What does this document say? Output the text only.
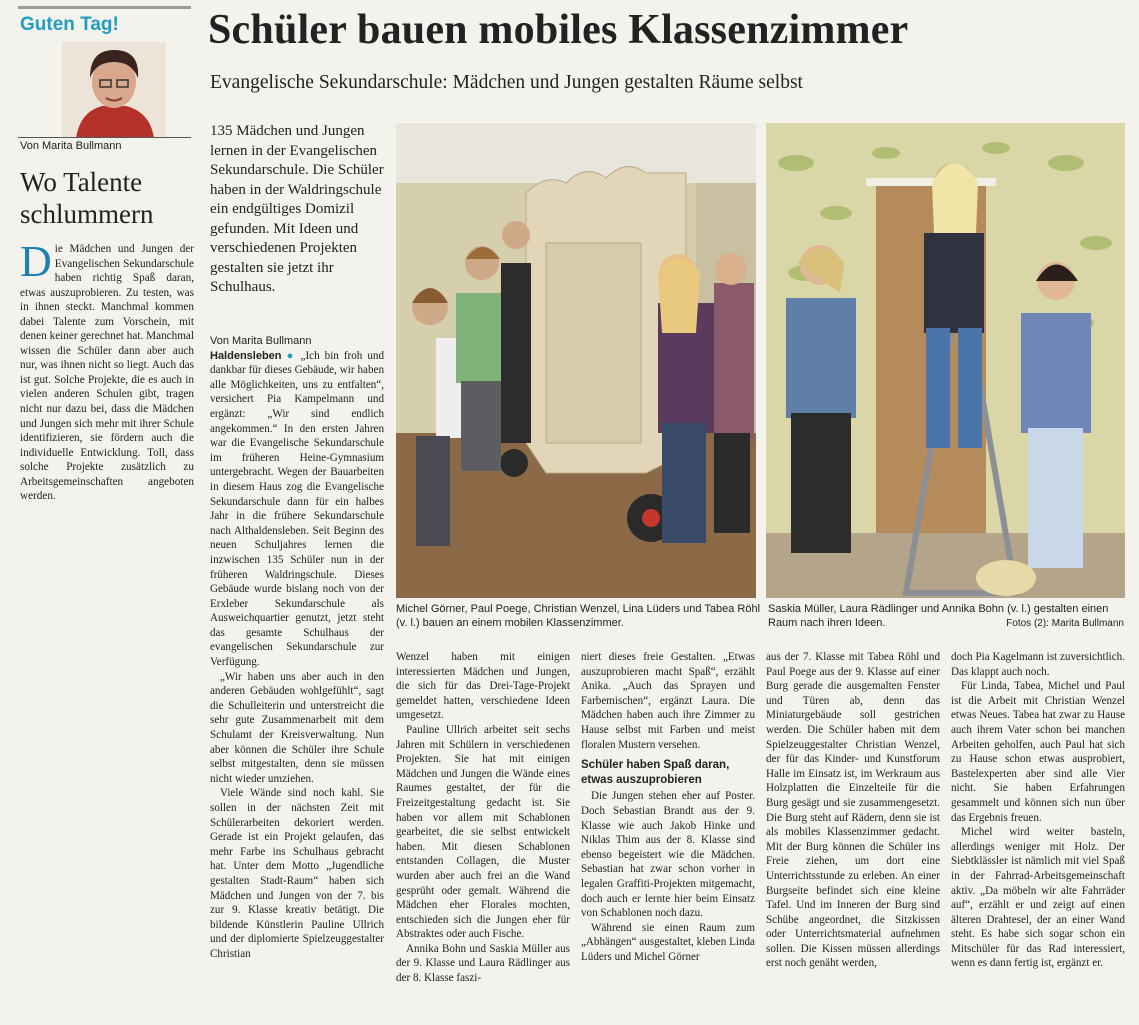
Guten Tag!
Von Marita Bullmann
Wo Talente schlummern
Die Mädchen und Jungen der Evangelischen Sekundarschule haben richtig Spaß daran, etwas auszuprobieren. Zu testen, was in ihnen steckt. Manchmal kommen dabei Talente zum Vorschein, mit denen keiner gerechnet hat. Manchmal wissen die Schüler dann aber auch nur, was ihnen nicht so liegt. Auch das ist gut. Solche Projekte, die es auch in vielen anderen Schulen gibt, tragen nicht nur dazu bei, dass die Mädchen und Jungen sich mehr mit ihrer Schule identifizieren, sie fördern auch die individuelle Entwicklung. Toll, dass solche Projekte zusätzlich zu Arbeitsgemeinschaften angeboten werden.
Schüler bauen mobiles Klassenzimmer
Evangelische Sekundarschule: Mädchen und Jungen gestalten Räume selbst
135 Mädchen und Jungen lernen in der Evangelischen Sekundarschule. Die Schüler haben in der Waldringschule ein endgültiges Domizil gefunden. Mit Ideen und verschiedenen Projekten gestalten sie jetzt ihr Schulhaus.
Michel Görner, Paul Poege, Christian Wenzel, Lina Lüders und Tabea Röhl (v. l.) bauen an einem mobilen Klassenzimmer.
Saskia Müller, Laura Rädlinger und Annika Bohn (v. l.) gestalten einen Raum nach ihren Ideen.	Fotos (2): Marita Bullmann

Von Marita Bullmann

Haldensleben ● „Ich bin froh und dankbar für dieses Gebäude, wir haben alle Möglichkeiten, uns zu entfalten“, versichert Pia Kampelmann und ergänzt: „Wir sind endlich angekommen.“ In den ersten Jahren war die Evangelische Sekundarschule im früheren Heine-Gymnasium untergebracht. Wegen der Bauarbeiten in diesem Haus zog die Evangelische Sekundarschule dann für ein halbes Jahr in die frühere Sekundarschule nach Althaldensleben. Seit Beginn des neuen Schuljahres lernen die inzwischen 135 Schüler nun in der früheren Waldringschule. Dieses Gebäude wurde bislang noch von der Erxleber Sekundarschule als Ausweichquartier genutzt, jetzt steht das gesamte Schulhaus der evangelischen Sekundarschule zur Verfügung.

„Wir haben uns aber auch in den anderen Gebäuden wohlgefühlt“, sagt die Schulleiterin und unterstreicht die sehr gute Zusammenarbeit mit dem Schulamt der Kreisverwaltung. Nun aber können die Schüler ihre Schule selbst mitgestalten, denn sie müssen nicht wieder umziehen.

Viele Wände sind noch kahl. Sie sollen in der nächsten Zeit mit Schülerarbeiten dekoriert werden. Gerade ist ein Projekt gelaufen, das mehr Farbe ins Schulhaus gebracht hat. Unter dem Motto „Jugendliche gestalten Stadt-Raum“ haben sich Mädchen und Jungen von der 7. bis zur 9. Klasse kreativ betätigt. Die bildende Künstlerin Pauline Ullrich und der diplomierte Spielzeuggestalter Christian

Wenzel haben mit einigen interessierten Mädchen und Jungen, die sich für das Drei-Tage-Projekt gemeldet hatten, verschiedene Ideen umgesetzt.

Pauline Ullrich arbeitet seit sechs Jahren mit Schülern in verschiedenen Projekten. Sie hat mit einigen Mädchen und Jungen die Wände eines Raumes gestaltet, der für die Freizeitgestaltung gedacht ist. Sie haben vor allem mit Schablonen gearbeitet, die sie selbst entwickelt haben. Mit diesen Schablonen entstanden Collagen, die Muster wurden aber auch frei an die Wand gesprüht oder gemalt. Während die Mädchen eher Florales mochten, entschieden sich die Jungen eher für Abstraktes oder auch Fische.

Annika Bohn und Saskia Müller aus der 9. Klasse und Laura Rädlinger aus der 8. Klasse faszi-

niert dieses freie Gestalten. „Etwas auszuprobieren macht Spaß“, erzählt Anika. „Auch das Sprayen und Farbemischen“, ergänzt Laura. Die Mädchen haben auch ihre Zimmer zu Hause selbst mit Farben und meist floralen Mustern versehen.

Schüler haben Spaß daran, etwas auszuprobieren

Die Jungen stehen eher auf Poster. Doch Sebastian Brandt aus der 9. Klasse wie auch Jakob Hinke und Niklas Thim aus der 8. Klasse sind ebenso begeistert wie die Mädchen. Sebastian hat zwar schon vorher in legalen Graffiti-Projekten mitgemacht, doch auch er lernte hier beim Einsatz von Schablonen noch dazu.

Während sie einen Raum zum „Abhängen“ ausgestaltet, kleben Linda Lüders und Michel Görner

aus der 7. Klasse mit Tabea Röhl und Paul Poege aus der 9. Klasse auf einer Burg gerade die ausgemalten Fenster und Türen ab, denn das Miniaturgebäude soll gestrichen werden. Die Schüler haben mit dem Spielzeuggestalter Christian Wenzel, der für das Kinder- und Kunstforum Halle im Einsatz ist, im Werkraum aus Holzplatten die Einzelteile für die Burg gesägt und sie zusammengesetzt. Die Burg steht auf Rädern, denn sie ist als mobiles Klassenzimmer gedacht. Mit der Burg können die Schüler ins Freie ziehen, um dort eine Unterrichtsstunde zu erleben. An einer Burgseite befindet sich eine kleine Tafel. Und im Inneren der Burg sind Schübe angeordnet, die Sitzkissen oder Unterrichtsmaterial aufnehmen sollen. Die Kissen müssen allerdings erst noch genäht werden,

doch Pia Kagelmann ist zuversichtlich. Das klappt auch noch.

Für Linda, Tabea, Michel und Paul ist die Arbeit mit Christian Wenzel etwas Neues. Tabea hat zwar zu Hause auch ihrem Vater schon bei manchen Arbeiten geholfen, auch Paul hat sich zu Hause schon etwas ausprobiert, Bastelexperten aber sind alle Vier nicht. Sie haben Erfahrungen gesammelt und können sich nun über das Ergebnis freuen.

Michel wird weiter basteln, allerdings weniger mit Holz. Der Siebtklässler ist nämlich mit viel Spaß in der Fahrrad-Arbeitsgemeinschaft aktiv. „Da möbeln wir alte Fahrräder auf“, erzählt er und zeigt auf einen älteren Drahtesel, der an einer Wand steht. Es habe sich sogar schon ein Mitschüler für das Rad interessiert, wenn es dann fertig ist, ergänzt er.
